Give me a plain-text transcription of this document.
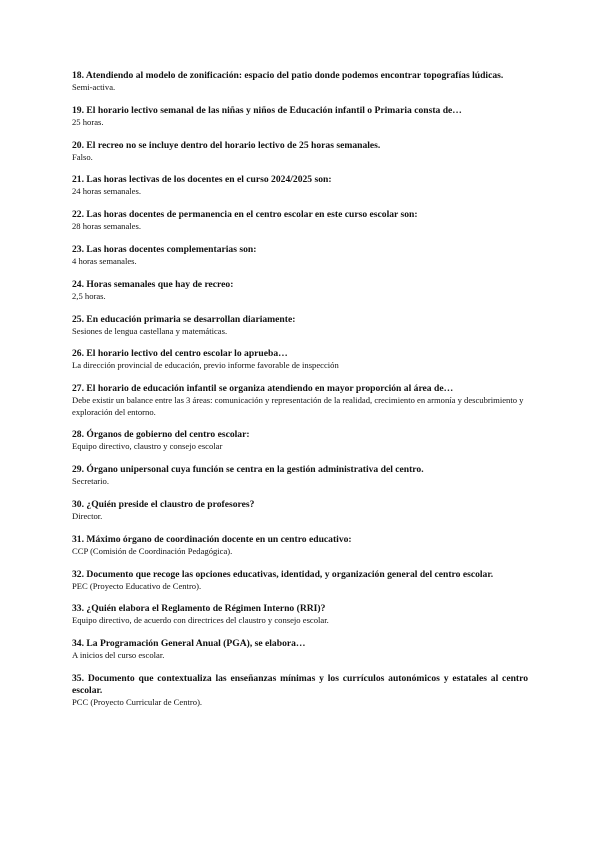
18. Atendiendo al modelo de zonificación: espacio del patio donde podemos encontrar topografías lúdicas.

Semi-activa.

19. El horario lectivo semanal de las niñas y niños de Educación infantil o Primaria consta de…

25 horas.

20. El recreo no se incluye dentro del horario lectivo de 25 horas semanales.

Falso.

21. Las horas lectivas de los docentes en el curso 2024/2025 son:

24 horas semanales.

22. Las horas docentes de permanencia en el centro escolar en este curso escolar son:

28 horas semanales.

23. Las horas docentes complementarias son:

4 horas semanales.

24. Horas semanales que hay de recreo:

2,5 horas.

25. En educación primaria se desarrollan diariamente:

Sesiones de lengua castellana y matemáticas.

26. El horario lectivo del centro escolar lo aprueba…

La dirección provincial de educación, previo informe favorable de inspección

27. El horario de educación infantil se organiza atendiendo en mayor proporción al área de…

Debe existir un balance entre las 3 áreas: comunicación y representación de la realidad, crecimiento en armonía y descubrimiento y exploración del entorno.

28. Órganos de gobierno del centro escolar:

Equipo directivo, claustro y consejo escolar

29. Órgano unipersonal cuya función se centra en la gestión administrativa del centro.

Secretario.

30. ¿Quién preside el claustro de profesores?

Director.

31. Máximo órgano de coordinación docente en un centro educativo:

CCP (Comisión de Coordinación Pedagógica).

32. Documento que recoge las opciones educativas, identidad, y organización general del centro escolar.

PEC (Proyecto Educativo de Centro).

33. ¿Quién elabora el Reglamento de Régimen Interno (RRI)?

Equipo directivo, de acuerdo con directrices del claustro y consejo escolar.

34. La Programación General Anual (PGA), se elabora…

A inicios del curso escolar.

35. Documento que contextualiza las enseñanzas mínimas y los currículos autonómicos y estatales al centro escolar.

PCC (Proyecto Curricular de Centro).
